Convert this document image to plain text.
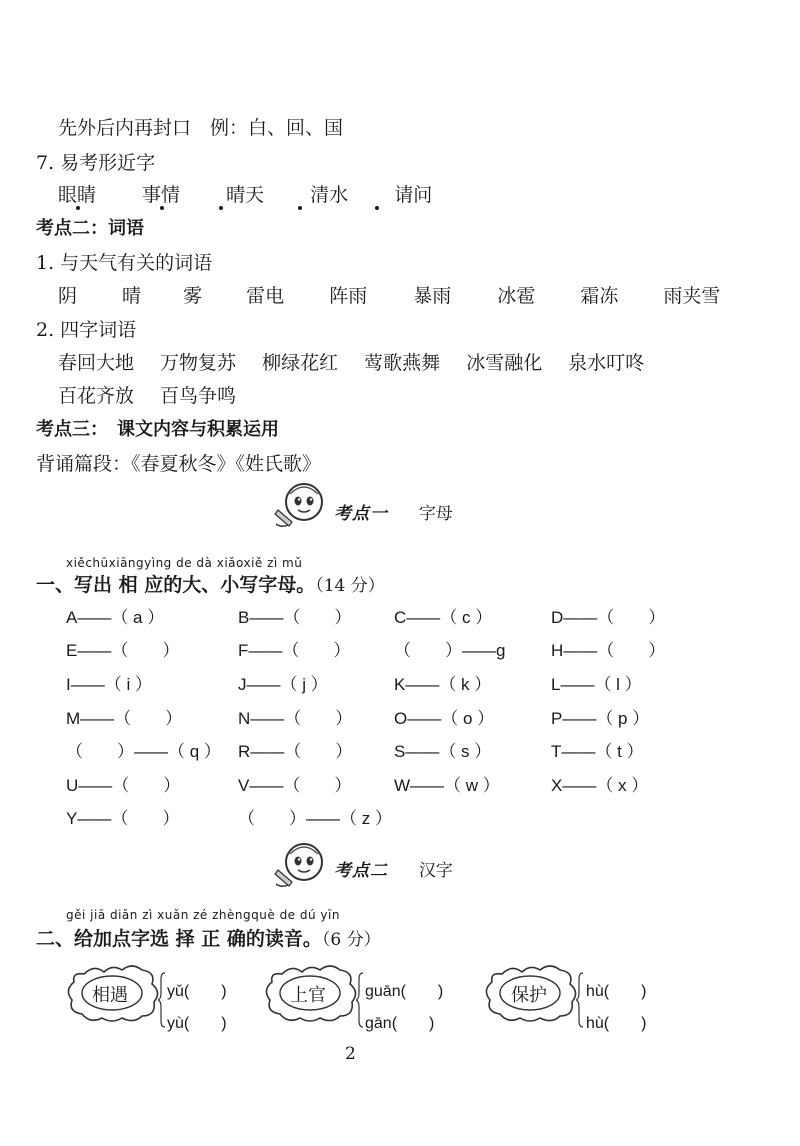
先外后内再封口　例：白、回、国
7. 易考形近字
眼睛 事情 晴天 清水 请问
考点二：词语
1. 与天气有关的词语
阴 晴 雾 雷电 阵雨 暴雨 冰雹 霜冻 雨夹雪
2. 四字词语
春回大地 万物复苏 柳绿花红 莺歌燕舞 冰雪融化 泉水叮咚
百花齐放 百鸟争鸣
考点三：　课文内容与积累运用
背诵篇段：《春夏秋冬》《姓氏歌》
考点一 字母
xiěchūxiāngyìng de dà xiǎoxiě zì mǔ
一、写出 相 应的大、小写字母。（14 分）
A——（ a ）	B——（　　）	C——（ c ）	D——（　　）
E——（　　）	F——（　　）	（　　）——g	H——（　　）
I——（ i ）	J——（ j ）	K——（ k ）	L——（ l ）
M——（　　）	N——（　　） O——（ o ）	P——（ p ）
（　　）——（ q ） R——（　　） S——（ s ）	T——（ t ）
U——（　　）	V——（　　）	W——（ w ）	X——（ x ）
Y——（　　）	（　　）——（ z ）
考点二 汉字
gěi jiā diǎn zì xuǎn zé zhèngquè de dú yīn
二、给加点字选 择 正 确的读音。（6 分）
相遇 yǔ(　　)
yù(　　)
上官 guān(　　)
gān(　　)
保护 hù(　　)
hù(　　)
2
